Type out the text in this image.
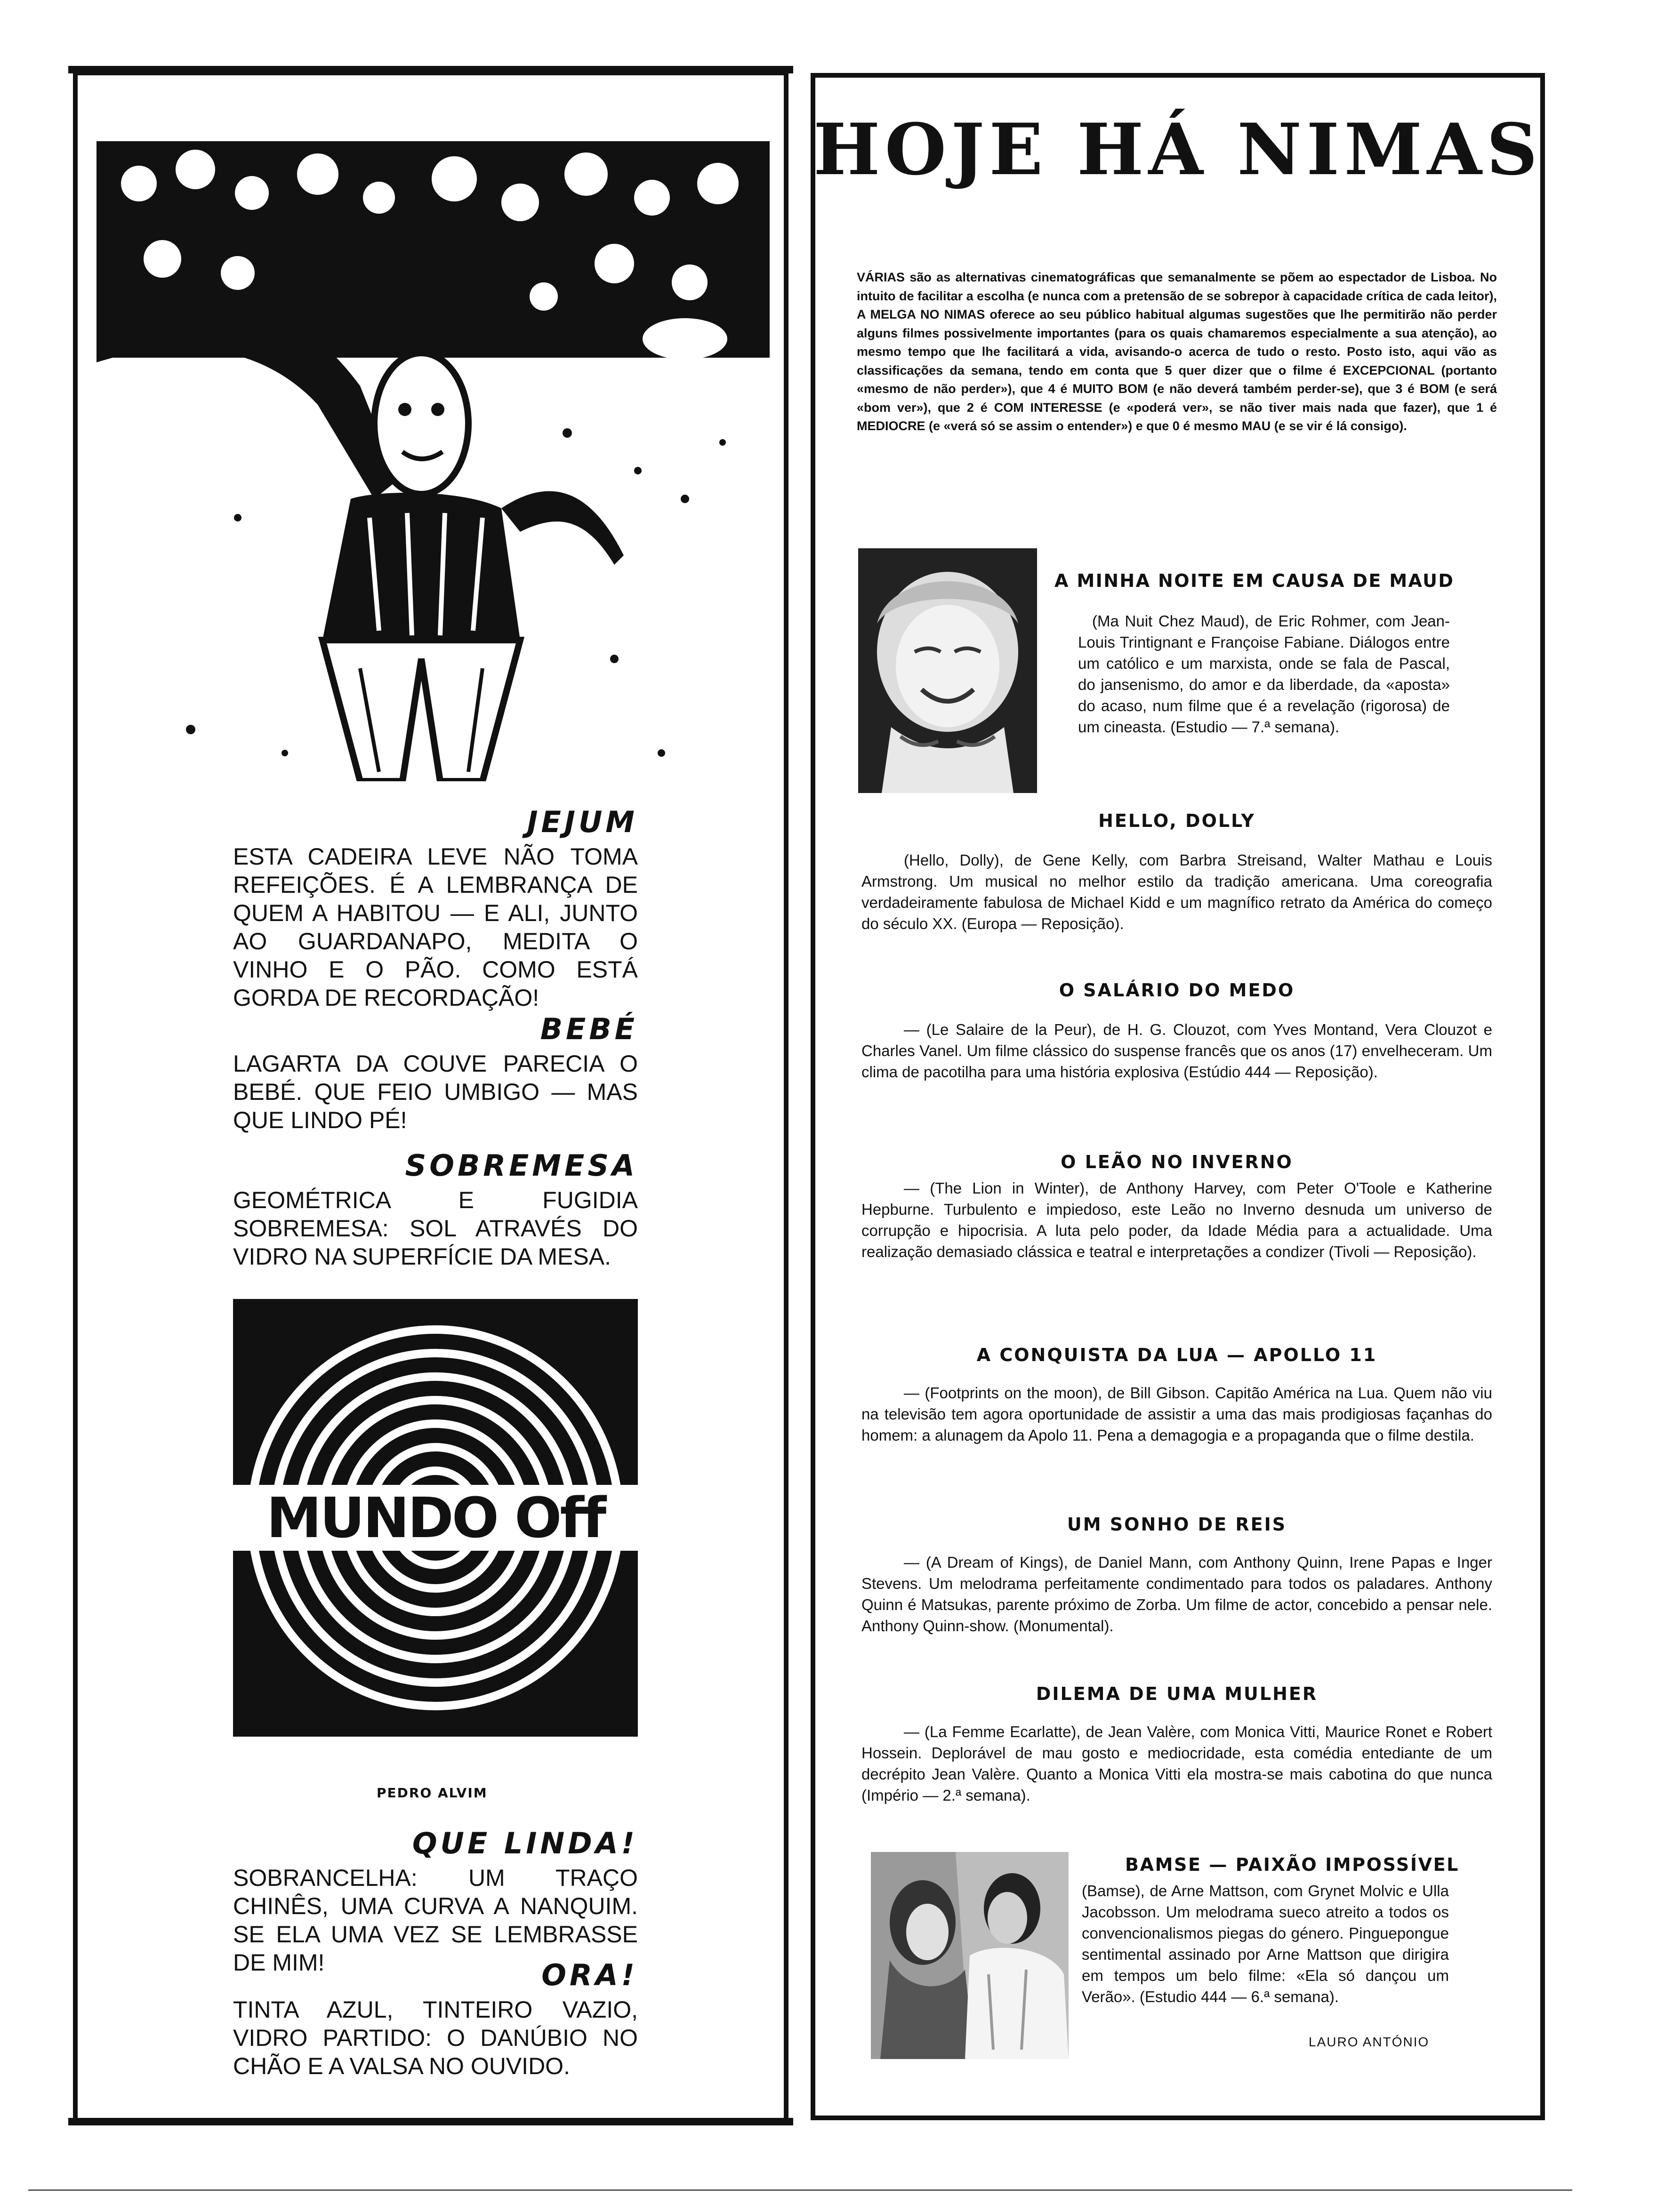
JEJUM

ESTA CADEIRA LEVE NÃO TOMA REFEIÇÕES. É A LEMBRANÇA DE QUEM A HABITOU — E ALI, JUNTO AO GUARDANAPO, MEDITA O VINHO E O PÃO. COMO ESTÁ GORDA DE RECORDAÇÃO!

BEBÉ

LAGARTA DA COUVE PARECIA O BEBÉ. QUE FEIO UMBIGO — MAS QUE LINDO PÉ!

SOBREMESA

GEOMÉTRICA E FUGIDIA SOBREMESA: SOL ATRAVÉS DO VIDRO NA SUPERFÍCIE DA MESA.

MUNDO Off
PEDRO ALVIM
QUE LINDA!

SOBRANCELHA: UM TRAÇO CHINÊS, UMA CURVA A NANQUIM. SE ELA UMA VEZ SE LEMBRASSE DE MIM!	ORA!

TINTA AZUL, TINTEIRO VAZIO, VIDRO PARTIDO: O DANÚBIO NO CHÃO E A VALSA NO OUVIDO.

HOJE HÁ NIMAS

VÁRIAS são as alternativas cinematográficas que semanalmente se põem ao espectador de Lisboa. No intuito de facilitar a escolha (e nunca com a pretensão de se sobrepor à capacidade crítica de cada leitor), A MELGA NO NIMAS oferece ao seu público habitual algumas sugestões que lhe permitirão não perder alguns filmes possivelmente importantes (para os quais chamaremos especialmente a sua atenção), ao mesmo tempo que lhe facilitará a vida, avisando-o acerca de tudo o resto. Posto isto, aqui vão as classificações da semana, tendo em conta que 5 quer dizer que o filme é EXCEPCIONAL (portanto «mesmo de não perder»), que 4 é MUITO BOM (e não deverá também perder-se), que 3 é BOM (e será «bom ver»), que 2 é COM INTERESSE (e «poderá ver», se não tiver mais nada que fazer), que 1 é MEDIOCRE (e «verá só se assim o entender») e que 0 é mesmo MAU (e se vir é lá consigo).

A MINHA NOITE EM CAUSA DE MAUD

(Ma Nuit Chez Maud), de Eric Rohmer, com Jean-Louis Trintignant e Françoise Fabiane. Diálogos entre um católico e um marxista, onde se fala de Pascal, do jansenismo, do amor e da liberdade, da «aposta» do acaso, num filme que é a revelação (rigorosa) de um cineasta. (Estudio — 7.ª semana).

HELLO, DOLLY

(Hello, Dolly), de Gene Kelly, com Barbra Streisand, Walter Mathau e Louis Armstrong. Um musical no melhor estilo da tradição americana. Uma coreografia verdadeiramente fabulosa de Michael Kidd e um magnífico retrato da América do começo do século XX. (Europa — Reposição).

O SALÁRIO DO MEDO

— (Le Salaire de la Peur), de H. G. Clouzot, com Yves Montand, Vera Clouzot e Charles Vanel. Um filme clássico do suspense francês que os anos (17) envelheceram. Um clima de pacotilha para uma história explosiva (Estúdio 444 — Reposição).

O LEÃO NO INVERNO

— (The Lion in Winter), de Anthony Harvey, com Peter O'Toole e Katherine Hepburne. Turbulento e impiedoso, este Leão no Inverno desnuda um universo de corrupção e hipocrisia. A luta pelo poder, da Idade Média para a actualidade. Uma realização demasiado clássica e teatral e interpretações a condizer (Tivoli — Reposição).

A CONQUISTA DA LUA — APOLLO 11

— (Footprints on the moon), de Bill Gibson. Capitão América na Lua. Quem não viu na televisão tem agora oportunidade de assistir a uma das mais prodigiosas façanhas do homem: a alunagem da Apolo 11. Pena a demagogia e a propaganda que o filme destila.

UM SONHO DE REIS

— (A Dream of Kings), de Daniel Mann, com Anthony Quinn, Irene Papas e Inger Stevens. Um melodrama perfeitamente condimentado para todos os paladares. Anthony Quinn é Matsukas, parente próximo de Zorba. Um filme de actor, concebido a pensar nele. Anthony Quinn-show. (Monumental).

DILEMA DE UMA MULHER

— (La Femme Ecarlatte), de Jean Valère, com Monica Vitti, Maurice Ronet e Robert Hossein. Deplorável de mau gosto e mediocridade, esta comédia entediante de um decrépito Jean Valère. Quanto a Monica Vitti ela mostra-se mais cabotina do que nunca (Império — 2.ª semana).

BAMSE — PAIXÃO IMPOSSÍVEL

(Bamse), de Arne Mattson, com Grynet Molvic e Ulla Jacobsson. Um melodrama sueco atreito a todos os convencionalismos piegas do género. Pinguepongue sentimental assinado por Arne Mattson que dirigira em tempos um belo filme: «Ela só dançou um Verão». (Estudio 444 — 6.ª semana).

LAURO ANTÓNIO
